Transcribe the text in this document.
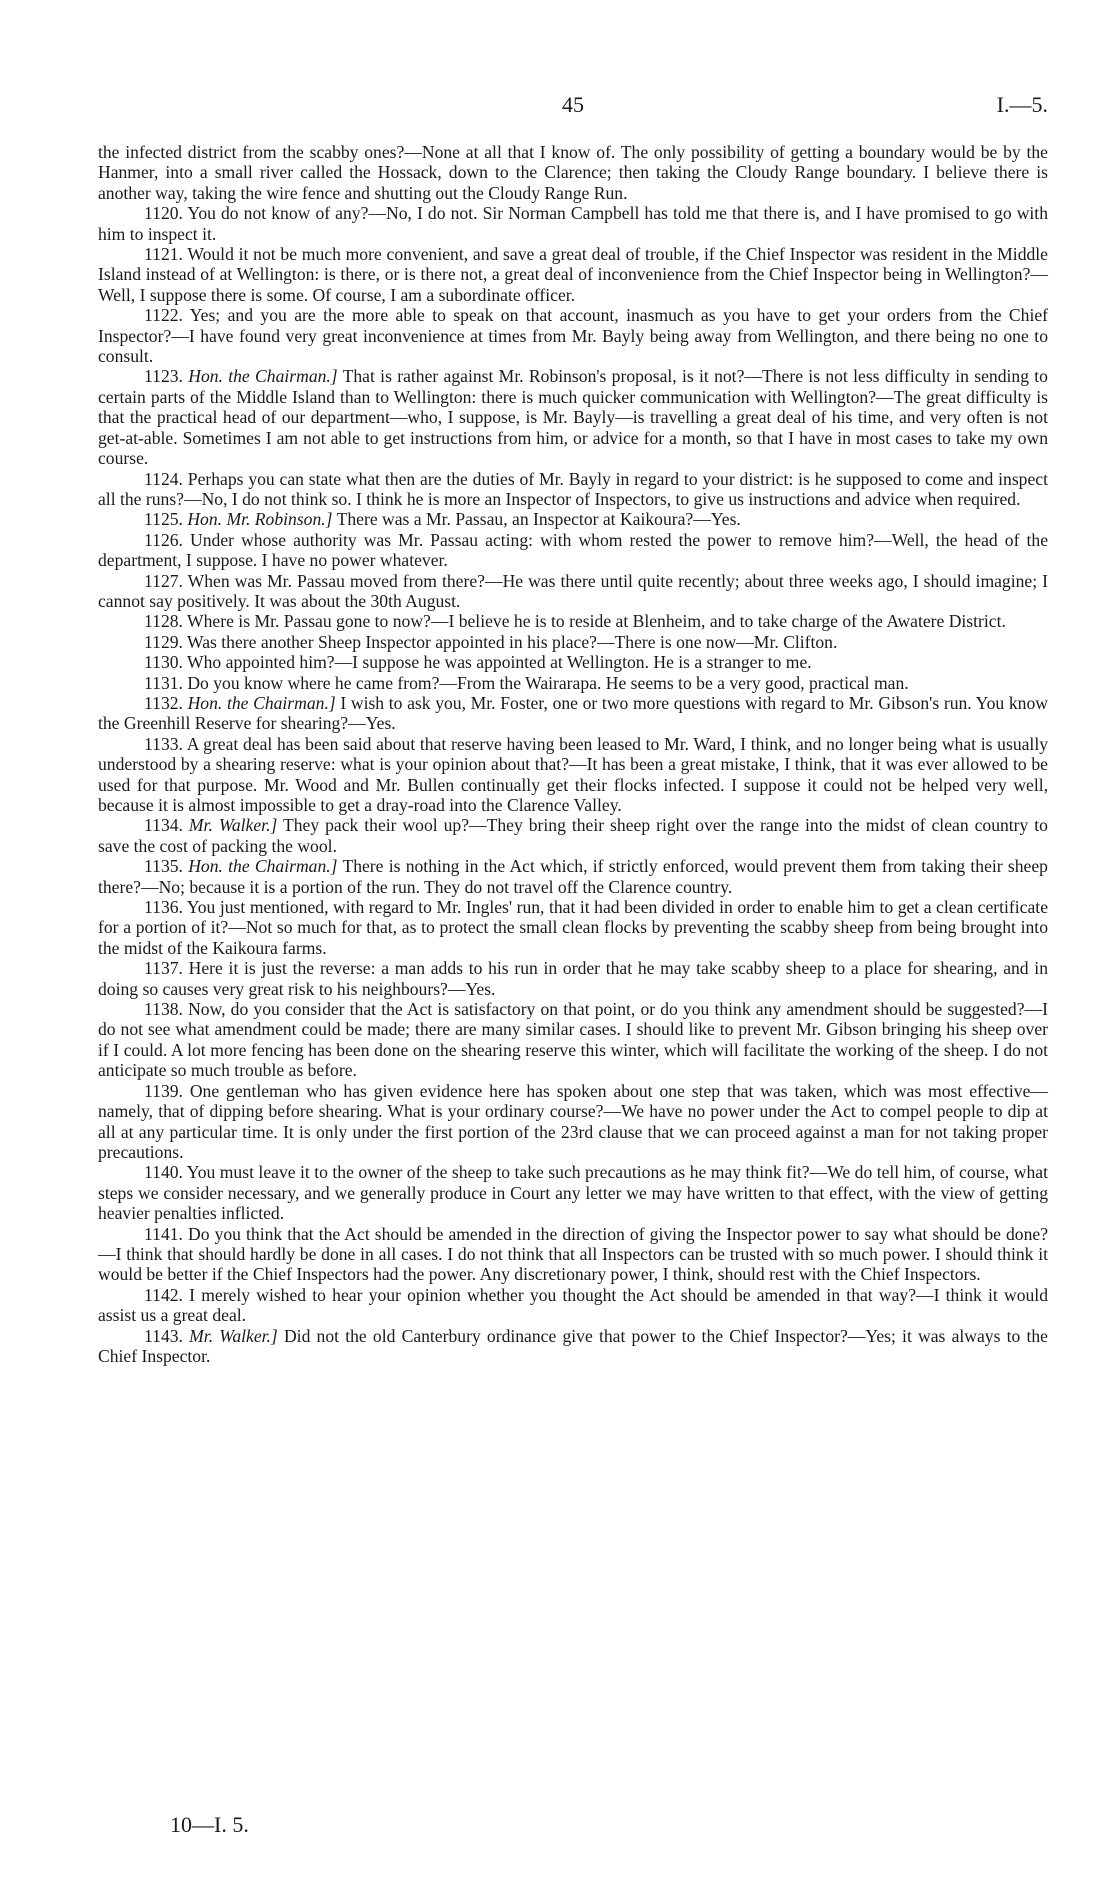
45	I.—5.

the infected district from the scabby ones?—None at all that I know of. The only possibility of getting a boundary would be by the Hanmer, into a small river called the Hossack, down to the Clarence; then taking the Cloudy Range boundary. I believe there is another way, taking the wire fence and shutting out the Cloudy Range Run.

1120. You do not know of any?—No, I do not. Sir Norman Campbell has told me that there is, and I have promised to go with him to inspect it.

1121. Would it not be much more convenient, and save a great deal of trouble, if the Chief Inspector was resident in the Middle Island instead of at Wellington: is there, or is there not, a great deal of inconvenience from the Chief Inspector being in Wellington?—Well, I suppose there is some. Of course, I am a subordinate officer.

1122. Yes; and you are the more able to speak on that account, inasmuch as you have to get your orders from the Chief Inspector?—I have found very great inconvenience at times from Mr. Bayly being away from Wellington, and there being no one to consult.

1123. Hon. the Chairman.] That is rather against Mr. Robinson's proposal, is it not?—There is not less difficulty in sending to certain parts of the Middle Island than to Wellington: there is much quicker communication with Wellington?—The great difficulty is that the practical head of our department—who, I suppose, is Mr. Bayly—is travelling a great deal of his time, and very often is not get-at-able. Sometimes I am not able to get instructions from him, or advice for a month, so that I have in most cases to take my own course.

1124. Perhaps you can state what then are the duties of Mr. Bayly in regard to your district: is he supposed to come and inspect all the runs?—No, I do not think so. I think he is more an Inspector of Inspectors, to give us instructions and advice when required.

1125. Hon. Mr. Robinson.] There was a Mr. Passau, an Inspector at Kaikoura?—Yes.

1126. Under whose authority was Mr. Passau acting: with whom rested the power to remove him?—Well, the head of the department, I suppose. I have no power whatever.

1127. When was Mr. Passau moved from there?—He was there until quite recently; about three weeks ago, I should imagine; I cannot say positively. It was about the 30th August.

1128. Where is Mr. Passau gone to now?—I believe he is to reside at Blenheim, and to take charge of the Awatere District.

1129. Was there another Sheep Inspector appointed in his place?—There is one now—Mr. Clifton.

1130. Who appointed him?—I suppose he was appointed at Wellington. He is a stranger to me.

1131. Do you know where he came from?—From the Wairarapa. He seems to be a very good, practical man.

1132. Hon. the Chairman.] I wish to ask you, Mr. Foster, one or two more questions with regard to Mr. Gibson's run. You know the Greenhill Reserve for shearing?—Yes.

1133. A great deal has been said about that reserve having been leased to Mr. Ward, I think, and no longer being what is usually understood by a shearing reserve: what is your opinion about that?—It has been a great mistake, I think, that it was ever allowed to be used for that purpose. Mr. Wood and Mr. Bullen continually get their flocks infected. I suppose it could not be helped very well, because it is almost impossible to get a dray-road into the Clarence Valley.

1134. Mr. Walker.] They pack their wool up?—They bring their sheep right over the range into the midst of clean country to save the cost of packing the wool.

1135. Hon. the Chairman.] There is nothing in the Act which, if strictly enforced, would prevent them from taking their sheep there?—No; because it is a portion of the run. They do not travel off the Clarence country.

1136. You just mentioned, with regard to Mr. Ingles' run, that it had been divided in order to enable him to get a clean certificate for a portion of it?—Not so much for that, as to protect the small clean flocks by preventing the scabby sheep from being brought into the midst of the Kaikoura farms.

1137. Here it is just the reverse: a man adds to his run in order that he may take scabby sheep to a place for shearing, and in doing so causes very great risk to his neighbours?—Yes.

1138. Now, do you consider that the Act is satisfactory on that point, or do you think any amendment should be suggested?—I do not see what amendment could be made; there are many similar cases. I should like to prevent Mr. Gibson bringing his sheep over if I could. A lot more fencing has been done on the shearing reserve this winter, which will facilitate the working of the sheep. I do not anticipate so much trouble as before.

1139. One gentleman who has given evidence here has spoken about one step that was taken, which was most effective—namely, that of dipping before shearing. What is your ordinary course?—We have no power under the Act to compel people to dip at all at any particular time. It is only under the first portion of the 23rd clause that we can proceed against a man for not taking proper precautions.

1140. You must leave it to the owner of the sheep to take such precautions as he may think fit?—We do tell him, of course, what steps we consider necessary, and we generally produce in Court any letter we may have written to that effect, with the view of getting heavier penalties inflicted.

1141. Do you think that the Act should be amended in the direction of giving the Inspector power to say what should be done?—I think that should hardly be done in all cases. I do not think that all Inspectors can be trusted with so much power. I should think it would be better if the Chief Inspectors had the power. Any discretionary power, I think, should rest with the Chief Inspectors.

1142. I merely wished to hear your opinion whether you thought the Act should be amended in that way?—I think it would assist us a great deal.

1143. Mr. Walker.] Did not the old Canterbury ordinance give that power to the Chief Inspector?—Yes; it was always to the Chief Inspector.

10—I. 5.
